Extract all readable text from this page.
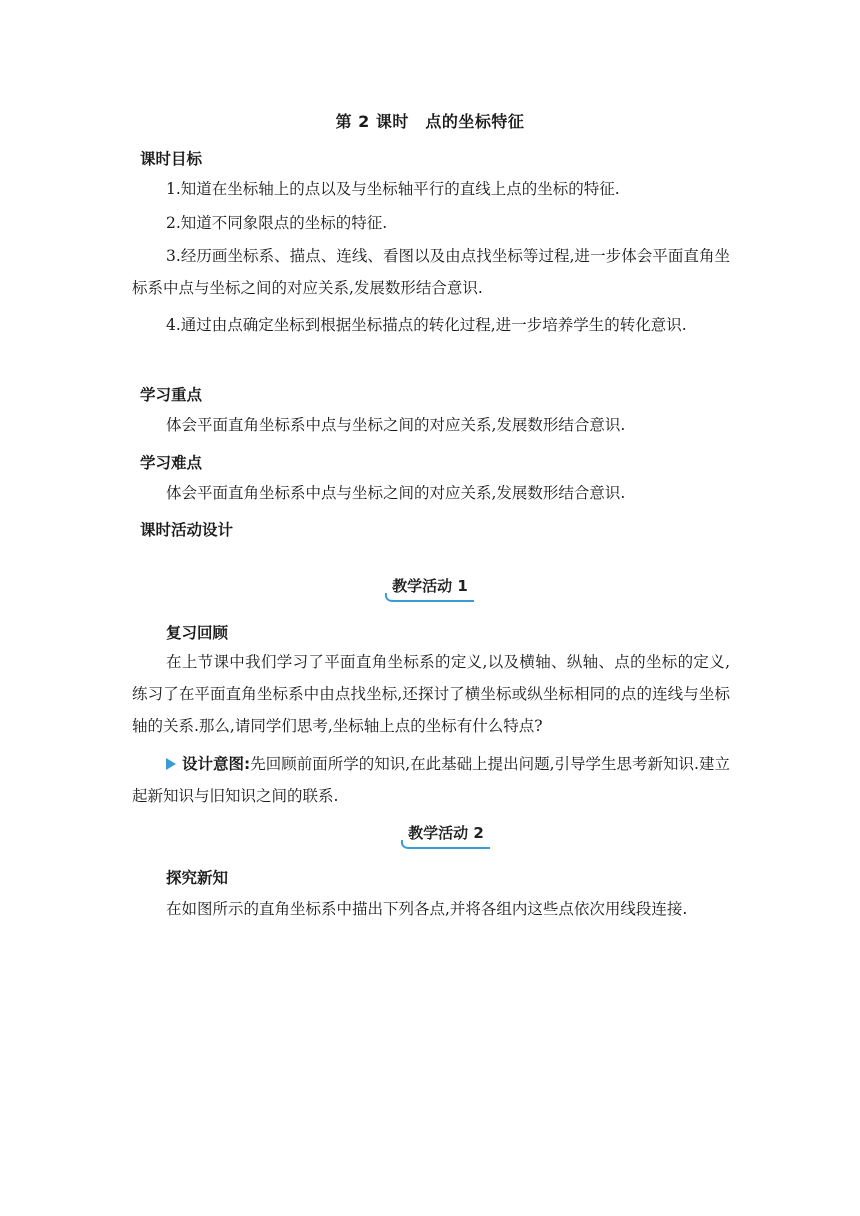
第 2 课时　点的坐标特征
课时目标
1.知道在坐标轴上的点以及与坐标轴平行的直线上点的坐标的特征.
2.知道不同象限点的坐标的特征.
3.经历画坐标系、描点、连线、看图以及由点找坐标等过程,进一步体会平面直角坐标系中点与坐标之间的对应关系,发展数形结合意识.
4.通过由点确定坐标到根据坐标描点的转化过程,进一步培养学生的转化意识.
学习重点
体会平面直角坐标系中点与坐标之间的对应关系,发展数形结合意识.
学习难点
体会平面直角坐标系中点与坐标之间的对应关系,发展数形结合意识.
课时活动设计
教学活动 1
复习回顾
在上节课中我们学习了平面直角坐标系的定义,以及横轴、纵轴、点的坐标的定义,练习了在平面直角坐标系中由点找坐标,还探讨了横坐标或纵坐标相同的点的连线与坐标轴的关系.那么,请同学们思考,坐标轴上点的坐标有什么特点?
设计意图:先回顾前面所学的知识,在此基础上提出问题,引导学生思考新知识.建立起新知识与旧知识之间的联系.
教学活动 2
探究新知
在如图所示的直角坐标系中描出下列各点,并将各组内这些点依次用线段连接.
